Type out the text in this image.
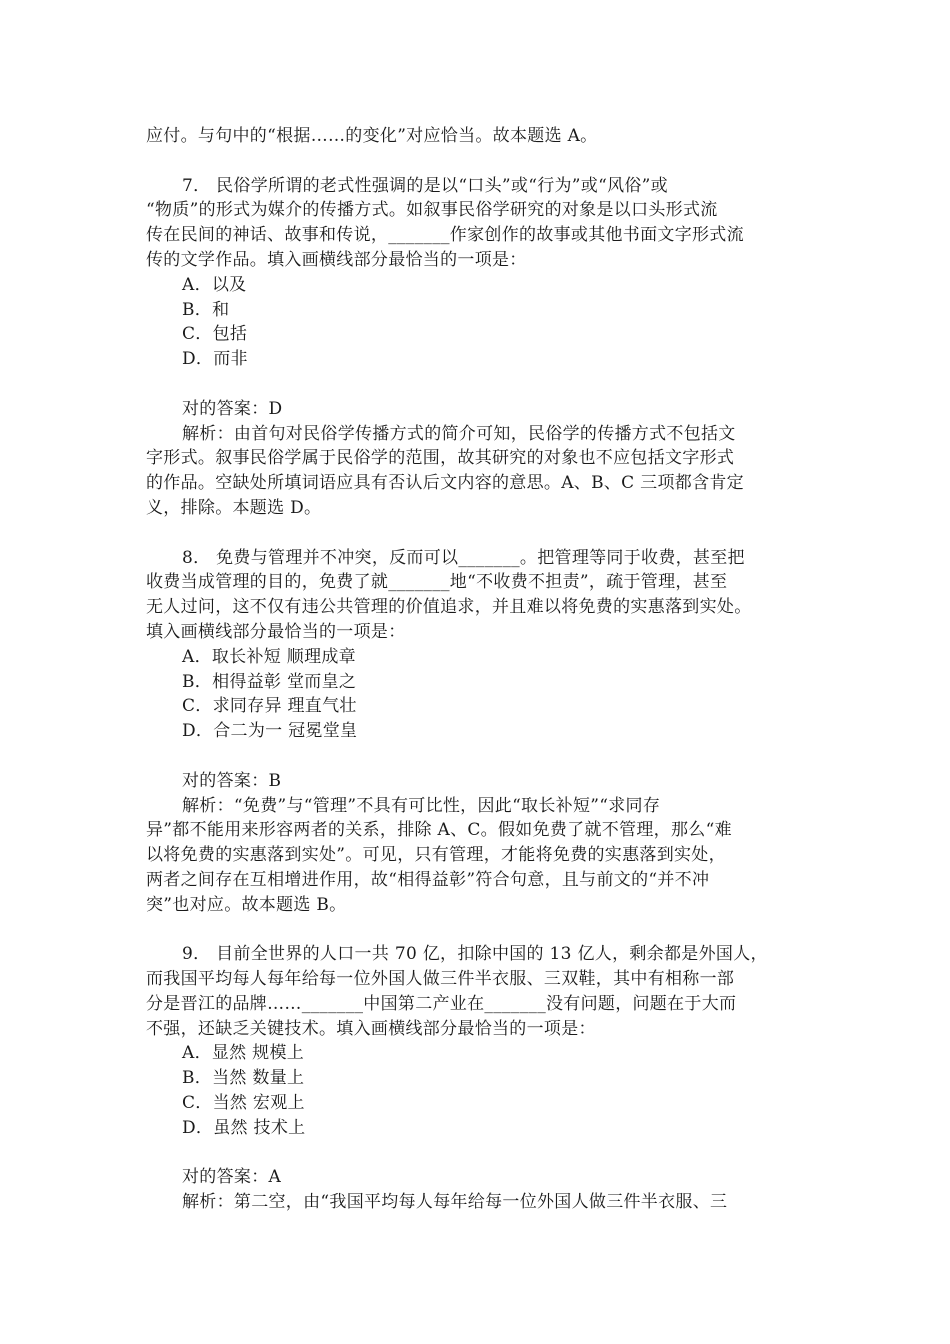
应付。与句中的“根据……的变化”对应恰当。故本题选 A。
7． 民俗学所谓的老式性强调的是以“口头”或“行为”或“风俗”或
“物质”的形式为媒介的传播方式。如叙事民俗学研究的对象是以口头形式流
传在民间的神话、故事和传说，_______作家创作的故事或其他书面文字形式流
传的文学作品。填入画横线部分最恰当的一项是：
A．以及
B．和
C．包括
D．而非
对的答案：D
解析：由首句对民俗学传播方式的简介可知，民俗学的传播方式不包括文
字形式。叙事民俗学属于民俗学的范围，故其研究的对象也不应包括文字形式
的作品。空缺处所填词语应具有否认后文内容的意思。A、B、C 三项都含肯定
义，排除。本题选 D。
8． 免费与管理并不冲突，反而可以_______。把管理等同于收费，甚至把
收费当成管理的目的，免费了就_______地“不收费不担责”，疏于管理，甚至
无人过问，这不仅有违公共管理的价值追求，并且难以将免费的实惠落到实处。
填入画横线部分最恰当的一项是：
A．取长补短 顺理成章
B．相得益彰 堂而皇之
C．求同存异 理直气壮
D．合二为一 冠冕堂皇
对的答案：B
解析：“免费”与“管理”不具有可比性，因此“取长补短”“求同存
异”都不能用来形容两者的关系，排除 A、C。假如免费了就不管理，那么“难
以将免费的实惠落到实处”。可见，只有管理，才能将免费的实惠落到实处，
两者之间存在互相增进作用，故“相得益彰”符合句意，且与前文的“并不冲
突”也对应。故本题选 B。
9． 目前全世界的人口一共 70 亿，扣除中国的 13 亿人，剩余都是外国人，
而我国平均每人每年给每一位外国人做三件半衣服、三双鞋，其中有相称一部
分是晋江的品牌……_______中国第二产业在_______没有问题，问题在于大而
不强，还缺乏关键技术。填入画横线部分最恰当的一项是：
A．显然 规模上
B．当然 数量上
C．当然 宏观上
D．虽然 技术上
对的答案：A
解析：第二空，由“我国平均每人每年给每一位外国人做三件半衣服、三
